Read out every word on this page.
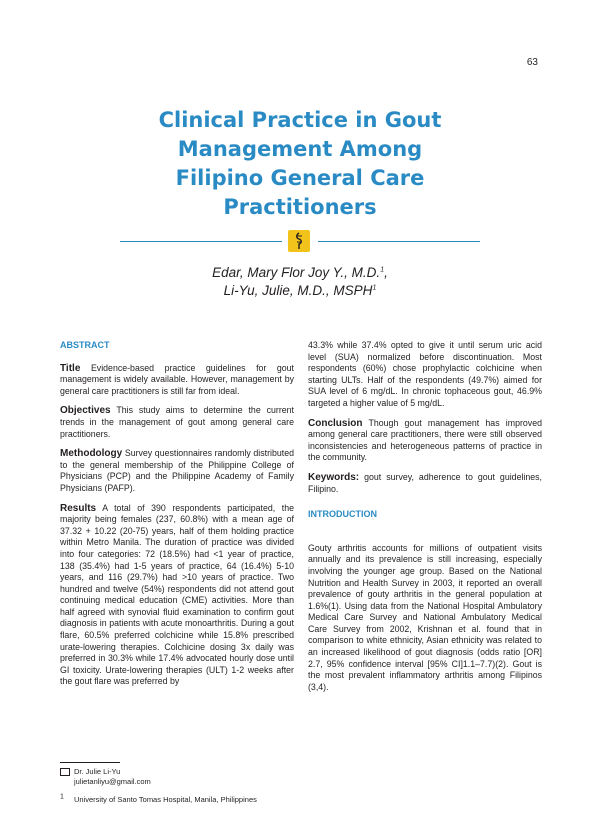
63
Clinical Practice in Gout
Management Among
Filipino General Care
Practitioners
Edar, Mary Flor Joy Y., M.D.$^1$,
Li-Yu, Julie, M.D., MSPH$^1$
ABSTRACT

Title Evidence-based practice guidelines for gout management is widely available. However, management by general care practitioners is still far from ideal.

Objectives This study aims to determine the current trends in the management of gout among general care practitioners.

Methodology Survey questionnaires randomly distributed to the general membership of the Philippine College of Physicians (PCP) and the Philippine Academy of Family Physicians (PAFP).

Results A total of 390 respondents participated, the majority being females (237, 60.8%) with a mean age of 37.32 + 10.22 (20-75) years, half of them holding practice within Metro Manila. The duration of practice was divided into four categories: 72 (18.5%) had <1 year of practice, 138 (35.4%) had 1-5 years of practice, 64 (16.4%) 5-10 years, and 116 (29.7%) had >10 years of practice. Two hundred and twelve (54%) respondents did not attend gout continuing medical education (CME) activities. More than half agreed with synovial fluid examination to confirm gout diagnosis in patients with acute monoarthritis. During a gout flare, 60.5% preferred colchicine while 15.8% prescribed urate-lowering therapies. Colchicine dosing 3x daily was preferred in 30.3% while 17.4% advocated hourly dose until GI toxicity. Urate-lowering therapies (ULT) 1-2 weeks after the gout flare was preferred by

43.3% while 37.4% opted to give it until serum uric acid level (SUA) normalized before discontinuation. Most respondents (60%) chose prophylactic colchicine when starting ULTs. Half of the respondents (49.7%) aimed for SUA level of 6 mg/dL. In chronic tophaceous gout, 46.9% targeted a higher value of 5 mg/dL.

Conclusion Though gout management has improved among general care practitioners, there were still observed inconsistencies and heterogeneous patterns of practice in the community.

Keywords: gout survey, adherence to gout guidelines, Filipino.

INTRODUCTION

Gouty arthritis accounts for millions of outpatient visits annually and its prevalence is still increasing, especially involving the younger age group. Based on the National Nutrition and Health Survey in 2003, it reported an overall prevalence of gouty arthritis in the general population at 1.6%(1). Using data from the National Hospital Ambulatory Medical Care Survey and National Ambulatory Medical Care Survey from 2002, Krishnan et al. found that in comparison to white ethnicity, Asian ethnicity was related to an increased likelihood of gout diagnosis (odds ratio [OR] 2.7, 95% confidence interval [95% CI]1.1–7.7)(2). Gout is the most prevalent inflammatory arthritis among Filipinos (3,4).

Dr. Julie Li-Yu
julietanliyu@gmail.com
$^1$ University of Santo Tomas Hospital, Manila, Philippines
